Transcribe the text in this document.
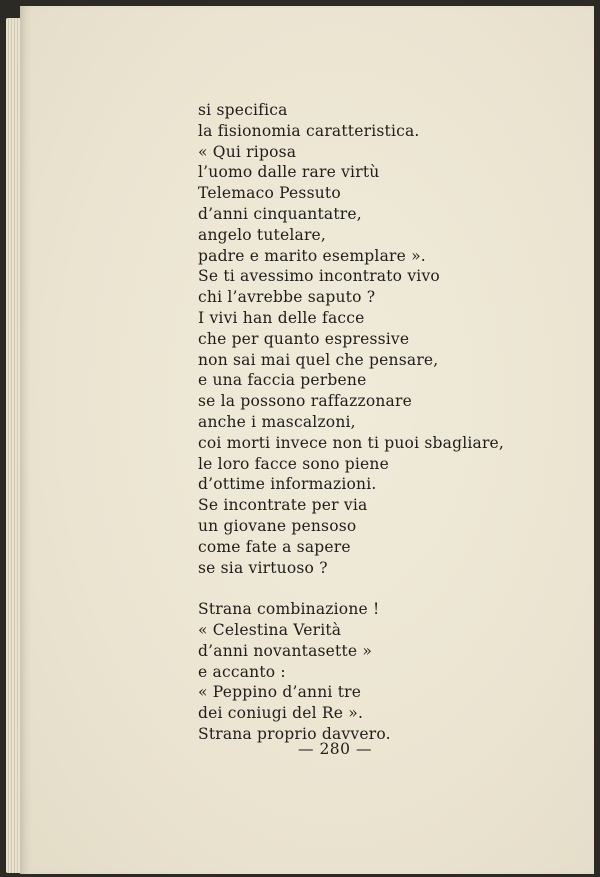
si specifica
la fisionomia caratteristica.
« Qui riposa
l’uomo dalle rare virtù
Telemaco Pessuto
d’anni cinquantatre,
angelo tutelare,
padre e marito esemplare ».
Se ti avessimo incontrato vivo
chi l’avrebbe saputo ?
I vivi han delle facce
che per quanto espressive
non sai mai quel che pensare,
e una faccia perbene
se la possono raffazzonare
anche i mascalzoni,
coi morti invece non ti puoi sbagliare,
le loro facce sono piene
d’ottime informazioni.
Se incontrate per via
un giovane pensoso
come fate a sapere
se sia virtuoso ?
Strana combinazione !
« Celestina Verità
d’anni novantasette »
e accanto :
« Peppino d’anni tre
dei coniugi del Re ».
Strana proprio davvero.
— 280 —
